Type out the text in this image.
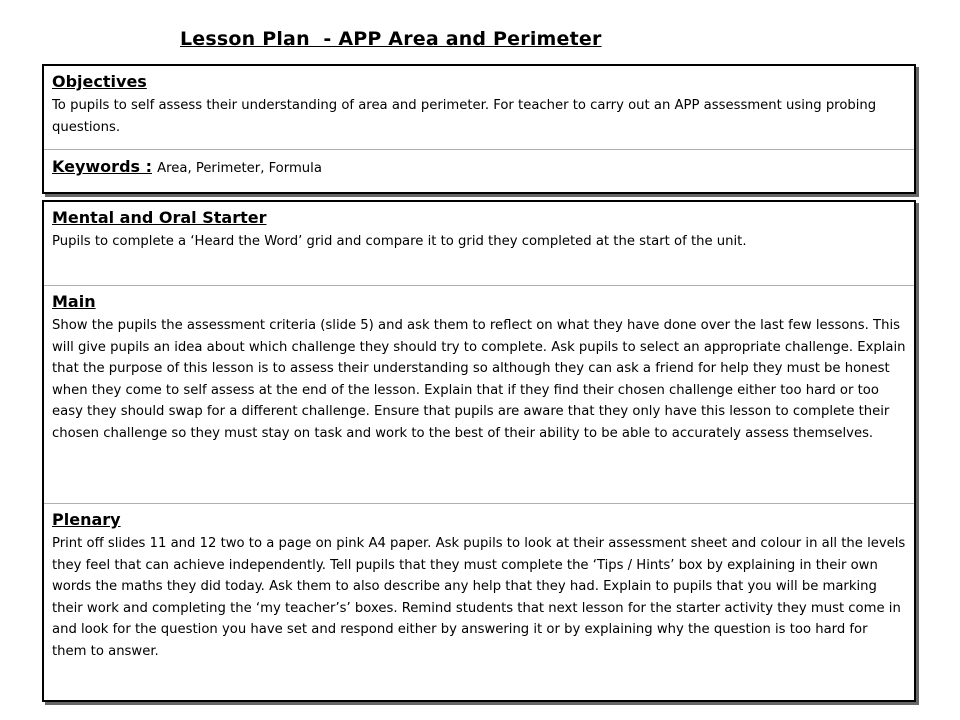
Lesson Plan  - APP Area and Perimeter
Objectives
To pupils to self assess their understanding of area and perimeter. For teacher to carry out an APP assessment using probing questions.
Keywords : Area, Perimeter, Formula
Mental and Oral Starter
Pupils to complete a ‘Heard the Word’ grid and compare it to grid they completed at the start of the unit.
Main
Show the pupils the assessment criteria (slide 5) and ask them to reflect on what they have done over the last few lessons. This will give pupils an idea about which challenge they should try to complete. Ask pupils to select an appropriate challenge. Explain that the purpose of this lesson is to assess their understanding so although they can ask a friend for help they must be honest when they come to self assess at the end of the lesson. Explain that if they find their chosen challenge either too hard or too easy they should swap for a different challenge. Ensure that pupils are aware that they only have this lesson to complete their chosen challenge so they must stay on task and work to the best of their ability to be able to accurately assess themselves.
Plenary
Print off slides 11 and 12 two to a page on pink A4 paper. Ask pupils to look at their assessment sheet and colour in all the levels they feel that can achieve independently. Tell pupils that they must complete the ‘Tips / Hints’ box by explaining in their own words the maths they did today. Ask them to also describe any help that they had. Explain to pupils that you will be marking their work and completing the ‘my teacher’s’ boxes. Remind students that next lesson for the starter activity they must come in and look for the question you have set and respond either by answering it or by explaining why the question is too hard for them to answer.
